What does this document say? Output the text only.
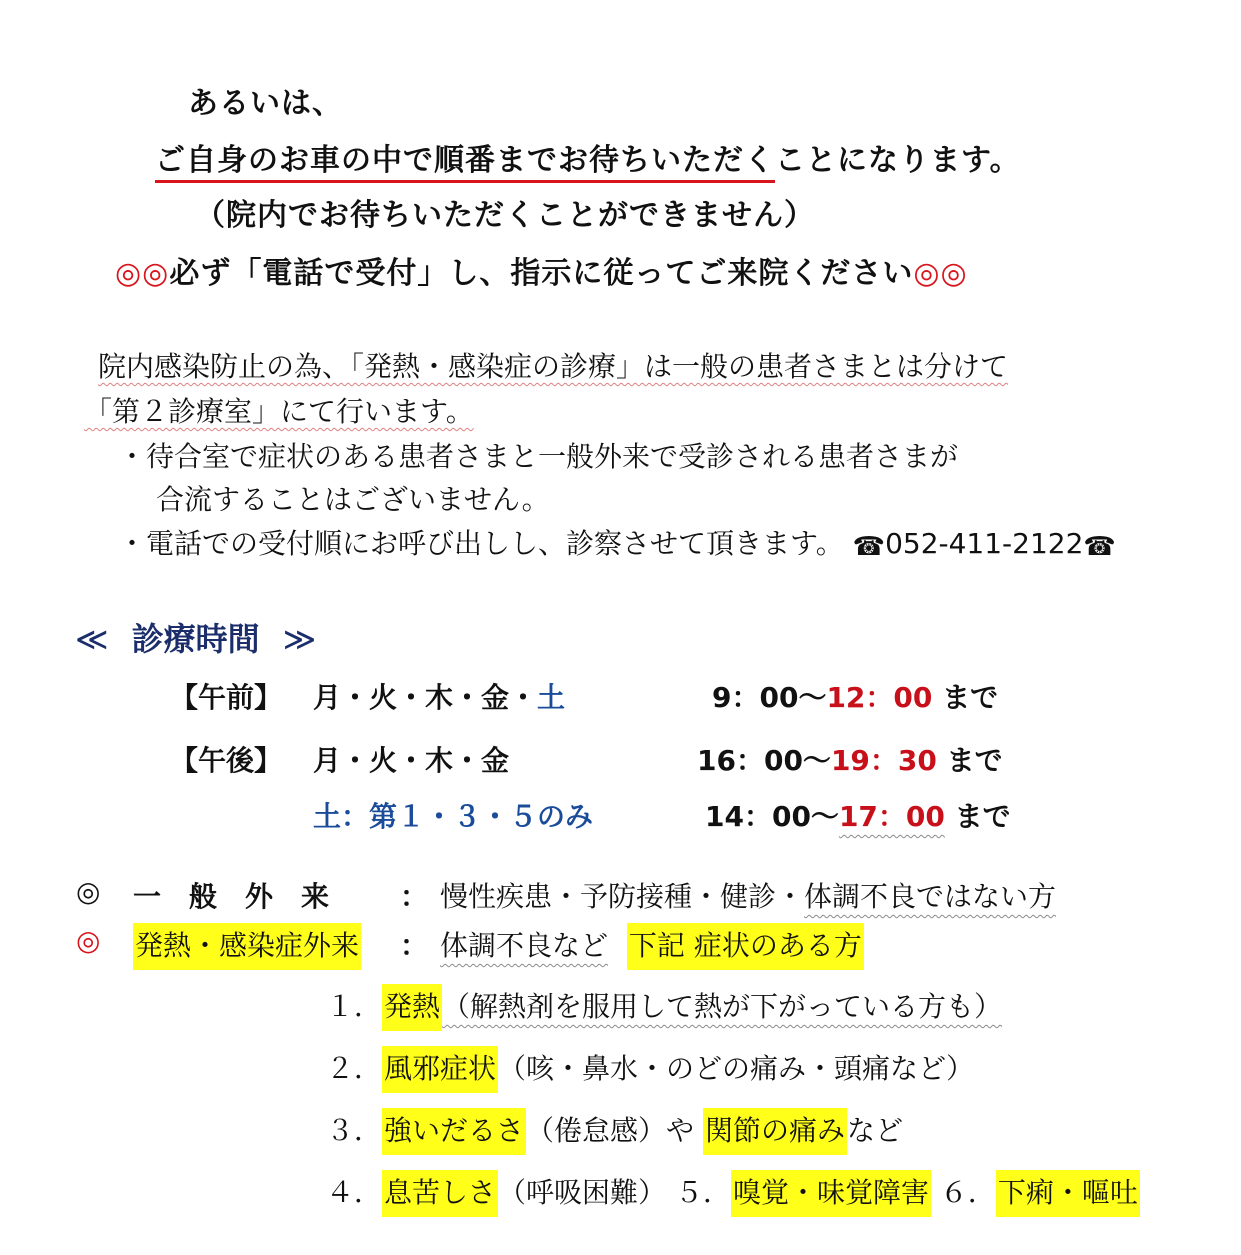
あるいは、
ご自身のお車の中で順番までお待ちいただくことになります。
（院内でお待ちいただくことができません）
◎◎必ず「電話で受付」し、指示に従ってご来院ください◎◎
院内感染防止の為、「発熱・感染症の診療」は一般の患者さまとは分けて
「第２診療室」にて行います。
・待合室で症状のある患者さまと一般外来で受診される患者さまが
合流することはございません。
・電話での受付順にお呼び出しし、診察させて頂きます。 ☎052-411-2122☎
≪ 診療時間 ≫
【午前】 月・火・木・金・土	9：00〜12：00 まで
【午後】 月・火・木・金	16：00〜19：30 まで
土：第１・３・５のみ	14：00〜17：00 まで
◎ 一　般　外　来	： 慢性疾患・予防接種・健診・体調不良ではない方
◎ 発熱・感染症外来 ： 体調不良など 下記 症状のある方
１．発熱（解熱剤を服用して熱が下がっている方も）
２．風邪症状（咳・鼻水・のどの痛み・頭痛など）
３．強いだるさ（倦怠感）や 関節の痛みなど
４．息苦しさ（呼吸困難） ５．嗅覚・味覚障害 ６．下痢・嘔吐
